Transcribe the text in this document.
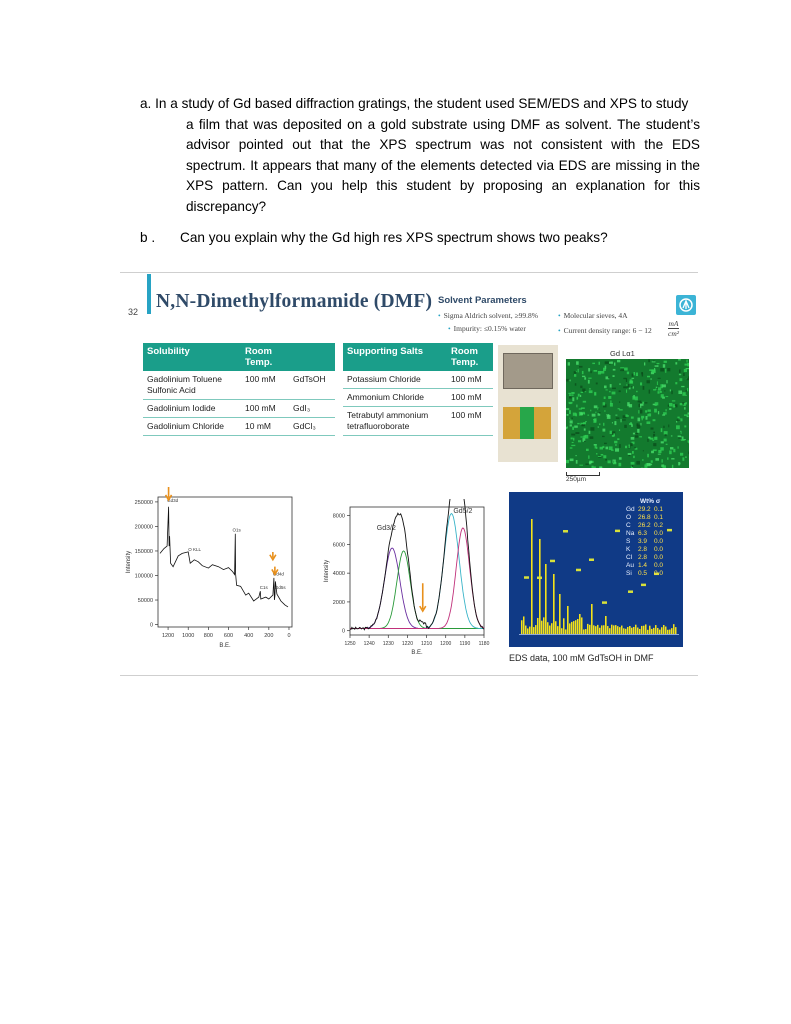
a. In a study of Gd based diffraction gratings, the student used SEM/EDS and XPS to study
a film that was deposited on a gold substrate using DMF as solvent. The student’s advisor pointed out that the XPS spectrum was not consistent with the EDS spectrum. It appears that many of the elements detected via EDS are missing in the XPS pattern. Can you help this student by proposing an explanation for this discrepancy?
b . Can you explain why the Gd high res XPS spectrum shows two peaks?
32 N,N-Dimethylformamide (DMF) Solvent Parameters
• Sigma Aldrich solvent, ≥99.8%
• Impurity: ≤0.15% water
• Molecular sieves, 4A
• Current density range: 6 − 12
mA
cm²
Solubility	Room Temp.	
Gadolinium Toluene Sulfonic Acid	100 mM	GdTsOH
Gadolinium Iodide	100 mM	GdI₃
Gadolinium Chloride	10 mM	GdCl₃
Supporting Salts	Room Temp.
Potassium Chloride	100 mM
Ammonium Chloride	100 mM
Tetrabutyl ammonium tetrafluoroborate	100 mM
Gd Lα1
250µm
0
50000
100000
150000
200000
250000
1200 1000 800 600 400 200	0
B.E.
Intensity
Gd3d
O KLL
O1s
Gd4d
C1s Gd5s
0
2000
4000
6000
8000
1250 1240 1230 1220 1210 1200 1190 1180
B.E.
Intensity
Gd3/2
Gd5/2
Wt% σ
Gd 29.2 0.1
O 26.8 0.1
C 26.2 0.2
Na 6.3 0.0
S 3.9 0.0
K 2.8 0.0
Cl 2.8 0.0
Au 1.4 0.0
Si 0.5 0.0
EDS data, 100 mM GdTsOH in DMF
